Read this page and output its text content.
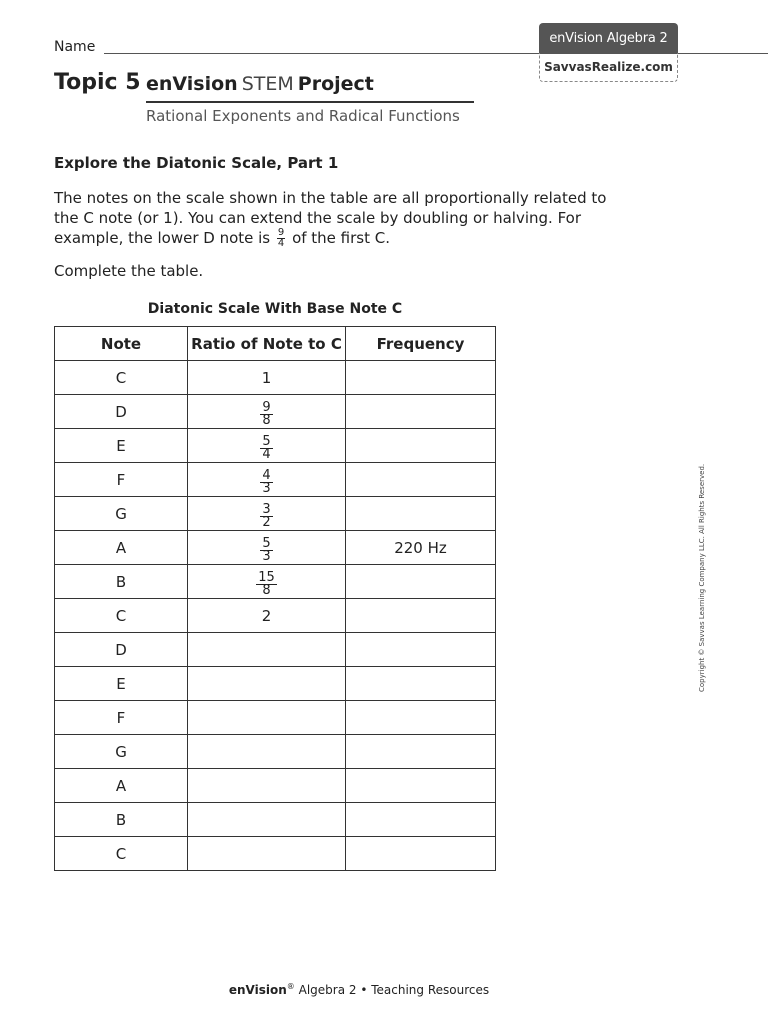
Name
enVision Algebra 2
SavvasRealize.com
Topic 5 enVision STEM Project
Rational Exponents and Radical Functions
Explore the Diatonic Scale, Part 1
The notes on the scale shown in the table are all proportionally related to the C note (or 1). You can extend the scale by doubling or halving. For example, the lower D note is $\frac{9}{4}$ of the first C.
Complete the table.
Diatonic Scale With Base Note C
Note	Ratio of Note to C	Frequency
C	1	
D	$\frac{9}{8}$

E	$\frac{5}{4}$

F	$\frac{4}{3}$

G	$\frac{3}{2}$

A	$\frac{5}{3}$	220 Hz
B	$\frac{15}{8}$

C	2	
D		
E		
F		
G		
A		
B		
C		
Copyright © Savvas Learning Company LLC. All Rights Reserved.
enVision® Algebra 2 • Teaching Resources
